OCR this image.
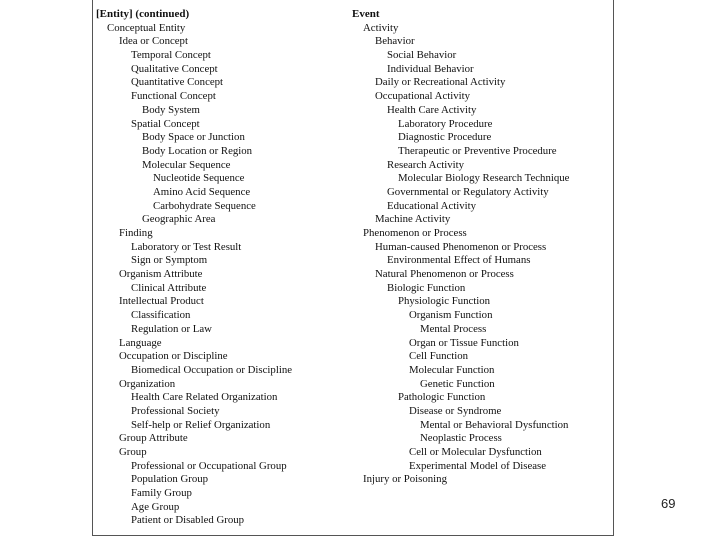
[Entity] (continued)
Conceptual Entity
Idea or Concept
Temporal Concept
Qualitative Concept
Quantitative Concept
Functional Concept
Body System
Spatial Concept
Body Space or Junction
Body Location or Region
Molecular Sequence
Nucleotide Sequence
Amino Acid Sequence
Carbohydrate Sequence
Geographic Area
Finding
Laboratory or Test Result
Sign or Symptom
Organism Attribute
Clinical Attribute
Intellectual Product
Classification
Regulation or Law
Language
Occupation or Discipline
Biomedical Occupation or Discipline
Organization
Health Care Related Organization
Professional Society
Self-help or Relief Organization
Group Attribute
Group
Professional or Occupational Group
Population Group
Family Group
Age Group
Patient or Disabled Group
Event
Activity
Behavior
Social Behavior
Individual Behavior
Daily or Recreational Activity
Occupational Activity
Health Care Activity
Laboratory Procedure
Diagnostic Procedure
Therapeutic or Preventive Procedure
Research Activity
Molecular Biology Research Technique
Governmental or Regulatory Activity
Educational Activity
Machine Activity
Phenomenon or Process
Human-caused Phenomenon or Process
Environmental Effect of Humans
Natural Phenomenon or Process
Biologic Function
Physiologic Function
Organism Function
Mental Process
Organ or Tissue Function
Cell Function
Molecular Function
Genetic Function
Pathologic Function
Disease or Syndrome
Mental or Behavioral Dysfunction
Neoplastic Process
Cell or Molecular Dysfunction
Experimental Model of Disease
Injury or Poisoning
69
